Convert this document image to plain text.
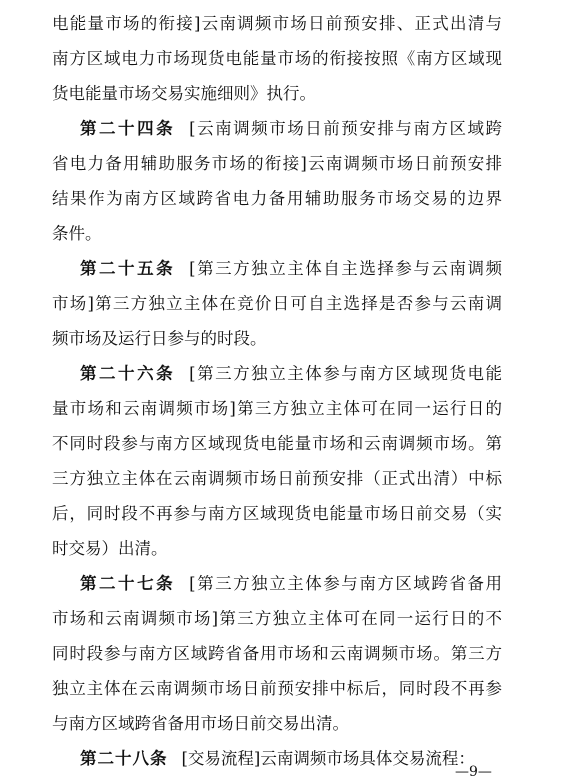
电能量市场的衔接]云南调频市场日前预安排、正式出清与
南方区域电力市场现货电能量市场的衔接按照《南方区域现
货电能量市场交易实施细则》执行。
第二十四条 [云南调频市场日前预安排与南方区域跨
省电力备用辅助服务市场的衔接]云南调频市场日前预安排
结果作为南方区域跨省电力备用辅助服务市场交易的边界
条件。
第二十五条 [第三方独立主体自主选择参与云南调频
市场]第三方独立主体在竞价日可自主选择是否参与云南调
频市场及运行日参与的时段。
第二十六条 [第三方独立主体参与南方区域现货电能
量市场和云南调频市场]第三方独立主体可在同一运行日的
不同时段参与南方区域现货电能量市场和云南调频市场。第
三方独立主体在云南调频市场日前预安排（正式出清）中标
后，同时段不再参与南方区域现货电能量市场日前交易（实
时交易）出清。
第二十七条 [第三方独立主体参与南方区域跨省备用
市场和云南调频市场]第三方独立主体可在同一运行日的不
同时段参与南方区域跨省备用市场和云南调频市场。第三方
独立主体在云南调频市场日前预安排中标后，同时段不再参
与南方区域跨省备用市场日前交易出清。
第二十八条 [交易流程]云南调频市场具体交易流程：
—9—
